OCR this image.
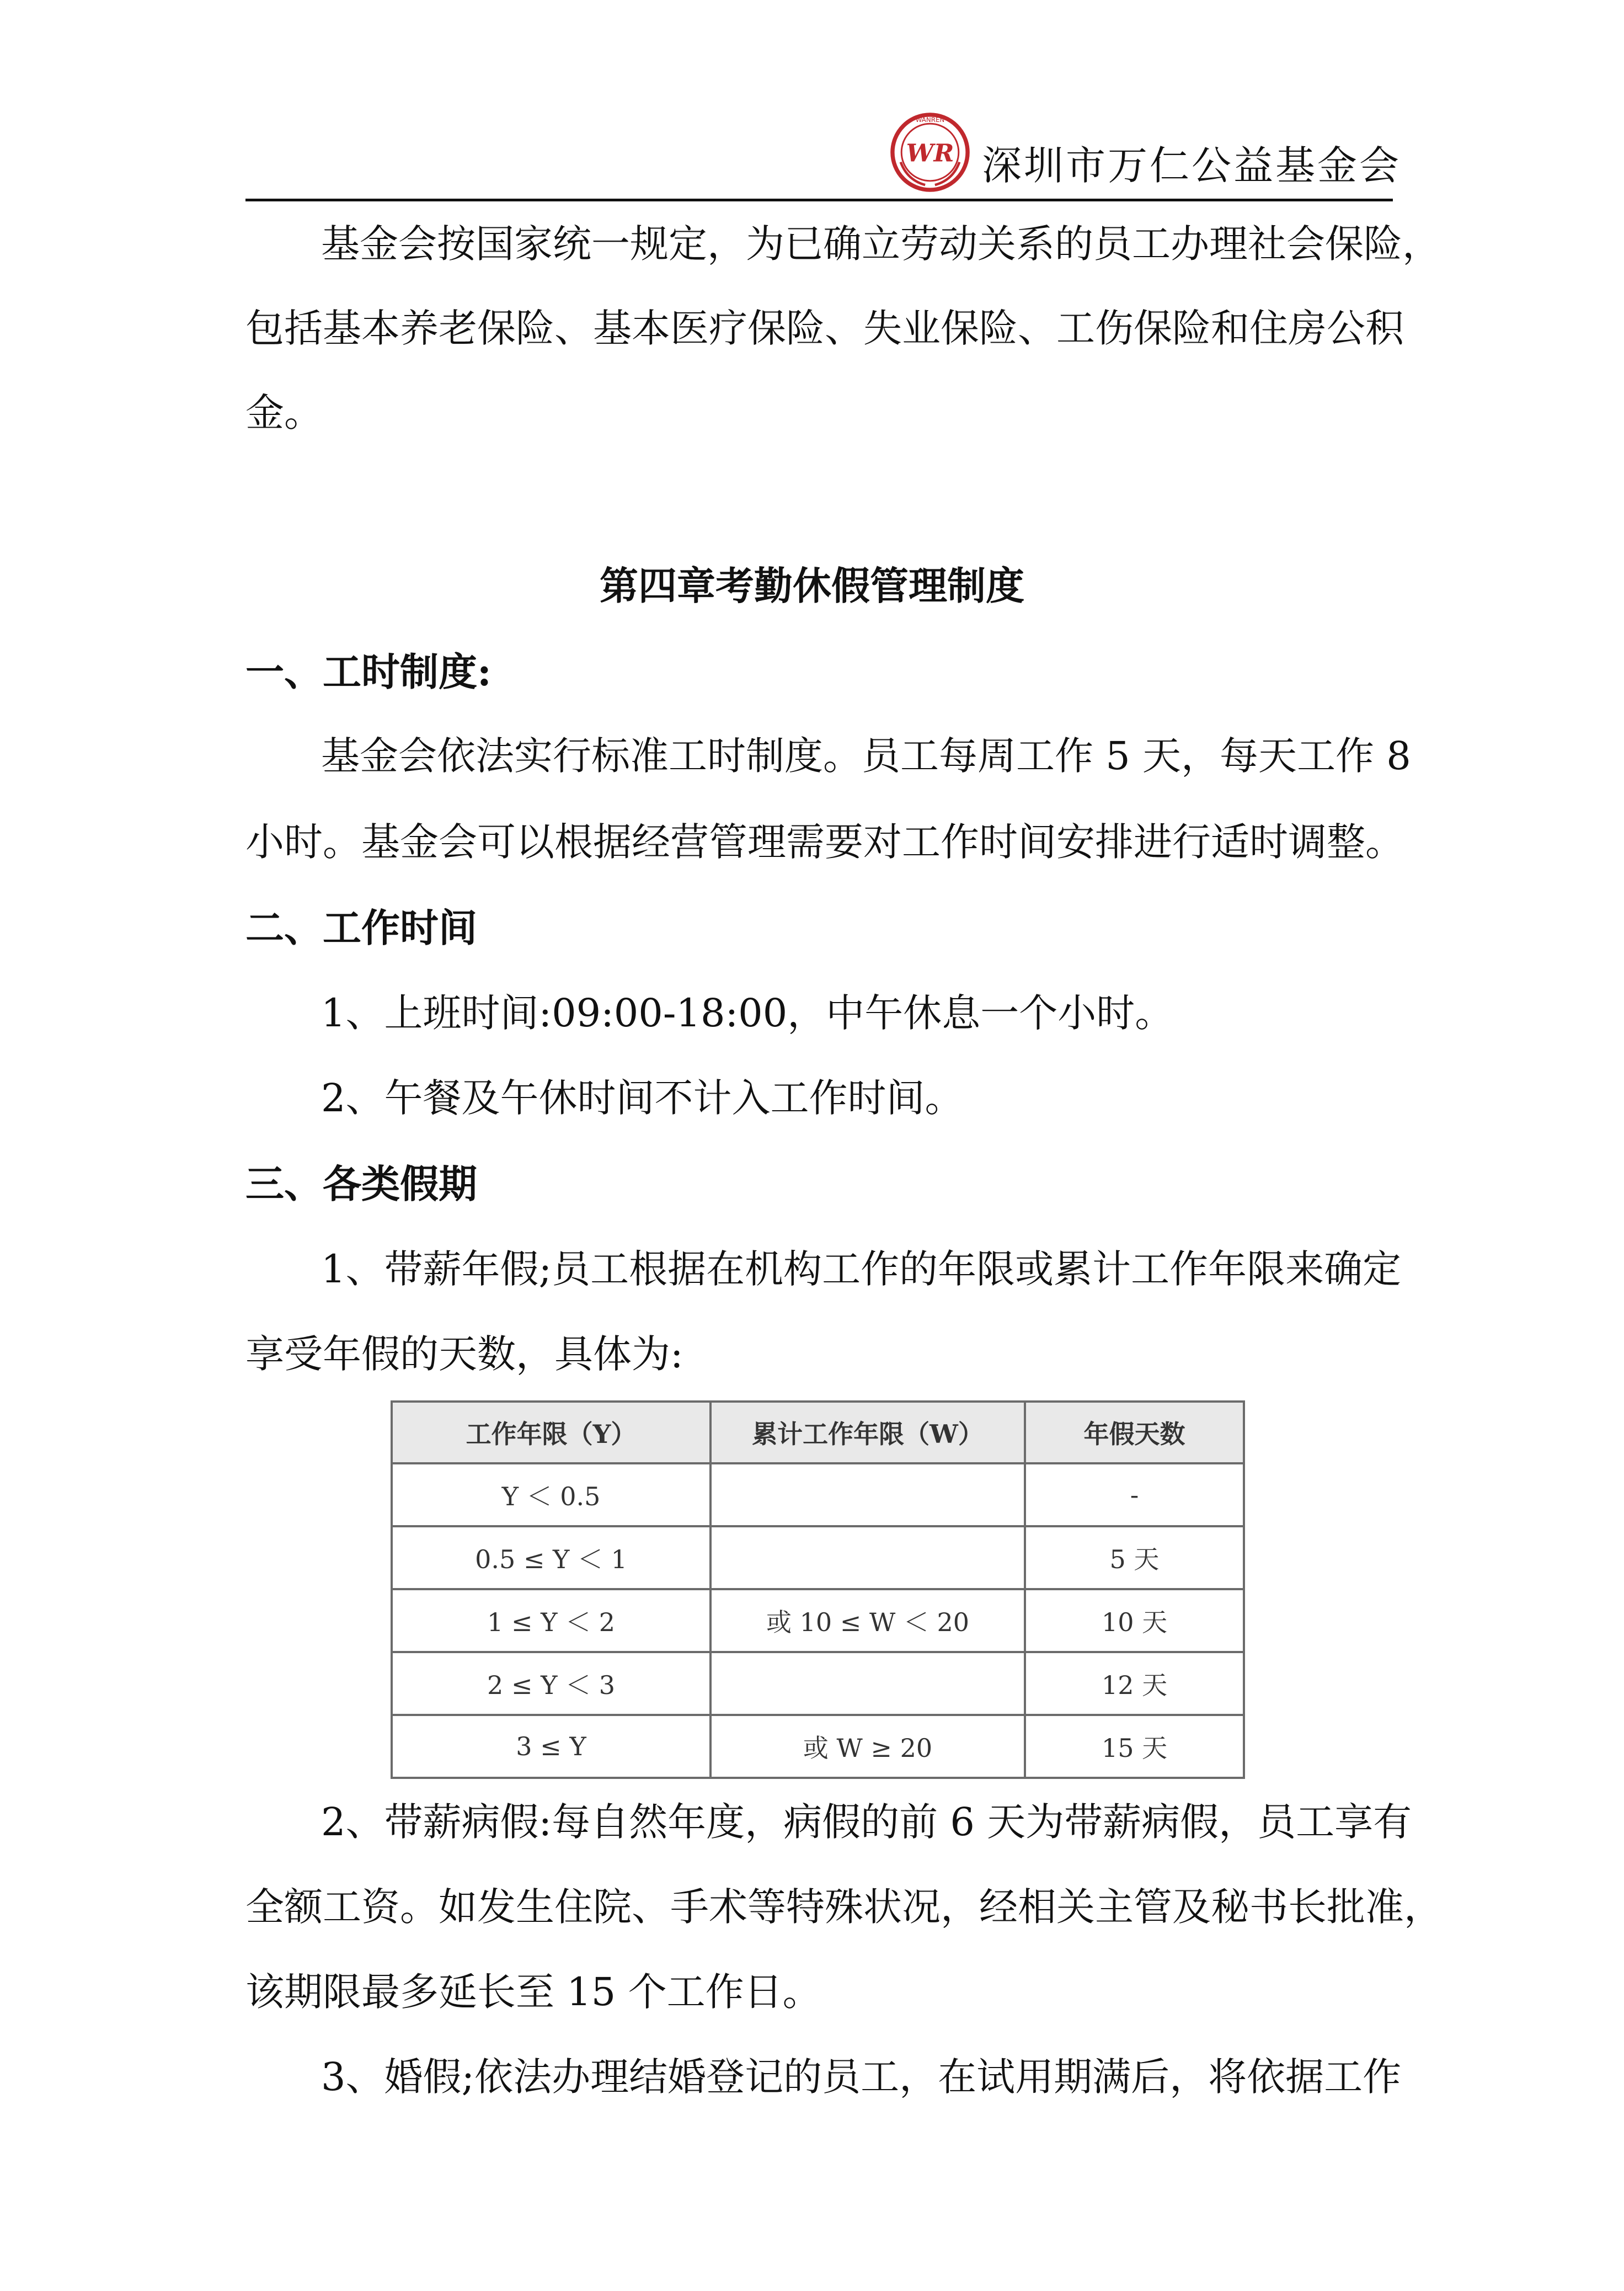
WANREN
WR 深圳市万仁公益基金会
基金会按国家统一规定，为已确立劳动关系的员工办理社会保险，
包括基本养老保险、基本医疗保险、失业保险、工伤保险和住房公积
金。
第四章考勤休假管理制度
一、工时制度:
基金会依法实行标准工时制度。员工每周工作 5 天，每天工作 8
小时。基金会可以根据经营管理需要对工作时间安排进行适时调整。
二、工作时间
1、上班时间:09:00-18:00，中午休息一个小时。
2、午餐及午休时间不计入工作时间。
三、各类假期
1、带薪年假;员工根据在机构工作的年限或累计工作年限来确定
享受年假的天数，具体为:
工作年限（Y）	累计工作年限（W）	年假天数
Y ＜ 0.5		-
0.5 ≤ Y ＜ 1		5 天
1 ≤ Y ＜ 2	或 10 ≤ W ＜ 20	10 天
2 ≤ Y ＜ 3		12 天
3 ≤ Y	或 W ≥ 20	15 天
2、带薪病假:每自然年度，病假的前 6 天为带薪病假，员工享有
全额工资。如发生住院、手术等特殊状况，经相关主管及秘书长批准，
该期限最多延长至 15 个工作日。
3、婚假;依法办理结婚登记的员工，在试用期满后，将依据工作
